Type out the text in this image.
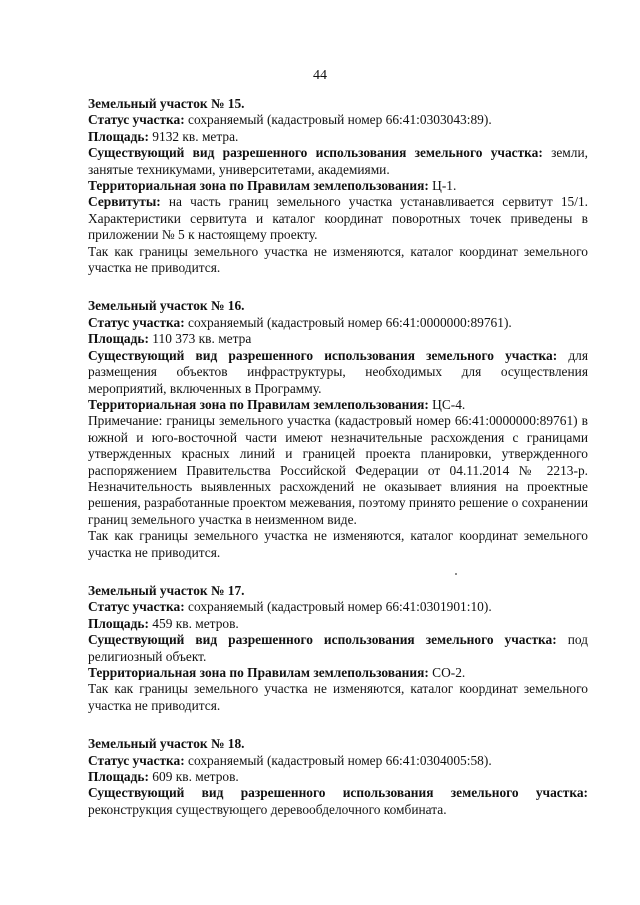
44
Земельный участок № 15.

Статус участка: сохраняемый (кадастровый номер 66:41:0303043:89).

Площадь: 9132 кв. метра.

Существующий вид разрешенного использования земельного участка: земли, занятые техникумами, университетами, академиями.

Территориальная зона по Правилам землепользования: Ц-1.

Сервитуты: на часть границ земельного участка устанавливается сервитут 15/1. Характеристики сервитута и каталог координат поворотных точек приведены в приложении № 5 к настоящему проекту.

Так как границы земельного участка не изменяются, каталог координат земельного участка не приводится.

Земельный участок № 16.

Статус участка: сохраняемый (кадастровый номер 66:41:0000000:89761).

Площадь: 110 373 кв. метра

Существующий вид разрешенного использования земельного участка: для размещения объектов инфраструктуры, необходимых для осуществления мероприятий, включенных в Программу.

Территориальная зона по Правилам землепользования: ЦС-4.

Примечание: границы земельного участка (кадастровый номер 66:41:0000000:89761) в южной и юго-восточной части имеют незначительные расхождения с границами утвержденных красных линий и границей проекта планировки, утвержденного распоряжением Правительства Российской Федерации от 04.11.2014 № 2213-р. Незначительность выявленных расхождений не оказывает влияния на проектные решения, разработанные проектом межевания, поэтому принято решение о сохранении границ земельного участка в неизменном виде.

Так как границы земельного участка не изменяются, каталог координат земельного участка не приводится.

Земельный участок № 17.

Статус участка: сохраняемый (кадастровый номер 66:41:0301901:10).

Площадь: 459 кв. метров.

Существующий вид разрешенного использования земельного участка: под религиозный объект.

Территориальная зона по Правилам землепользования: СО-2.

Так как границы земельного участка не изменяются, каталог координат земельного участка не приводится.

Земельный участок № 18.

Статус участка: сохраняемый (кадастровый номер 66:41:0304005:58).

Площадь: 609 кв. метров.

Существующий вид разрешенного использования земельного участка: реконструкция существующего деревообделочного комбината.
